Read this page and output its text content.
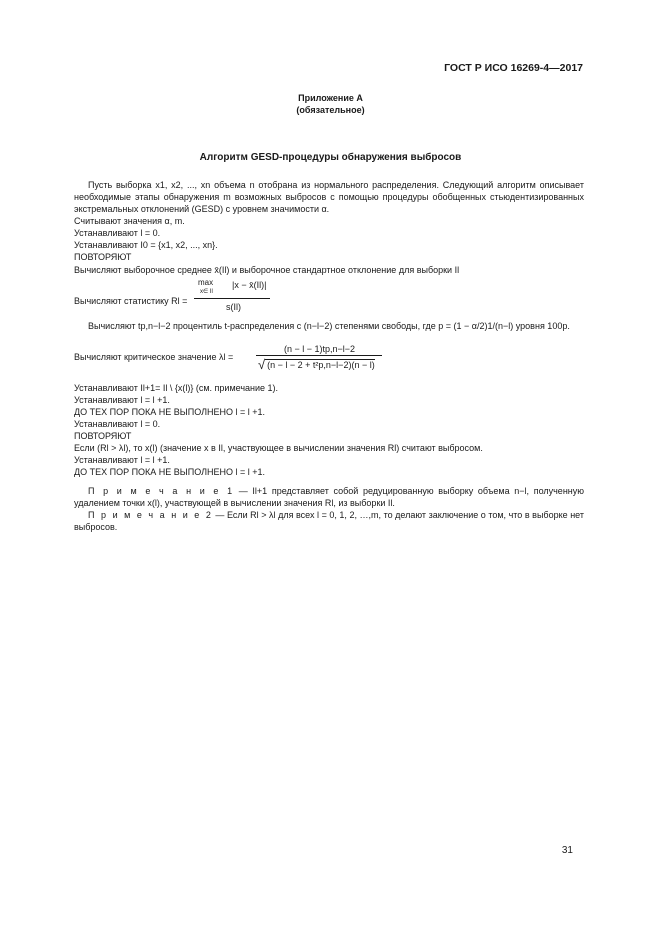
ГОСТ Р ИСО 16269-4—2017
Приложение А
(обязательное)
Алгоритм GESD-процедуры обнаружения выбросов
Пусть выборка x1, x2, ..., xn объема n отобрана из нормального распределения. Следующий алгоритм описывает необходимые этапы обнаружения m возможных выбросов с помощью процедуры обобщенных стьюдентизированных экстремальных отклонений (GESD) с уровнем значимости α.
Считывают значения α, m.
Устанавливают l = 0.
Устанавливают I0 = {x1, x2, ..., xn}.
ПОВТОРЯЮТ
Вычисляют выборочное среднее x̄(Il) и выборочное стандартное отклонение для выборки Il
Вычисляют статистику Rl =
max
x∈ Il
|x − x̄(Il)|
s(Il)
Вычисляют tp,n−l−2 процентиль t-распределения с (n−l−2) степенями свободы, где p = (1 − α/2)1/(n−l) уровня 100p.
Вычисляют критическое значение λl =
(n − l − 1)tp,n−l−2
√ (n − l − 2 + t²p,n−l−2)(n − l)
Устанавливают Il+1= Il \ {x(l)} (см. примечание 1).
Устанавливают l = l +1.
ДО ТЕХ ПОР ПОКА НЕ ВЫПОЛНЕНО l = l +1.
Устанавливают l = 0.
ПОВТОРЯЮТ
Если (Rl > λl), то x(l) (значение x в Il, участвующее в вычислении значения Rl) считают выбросом.
Устанавливают l = l +1.
ДО ТЕХ ПОР ПОКА НЕ ВЫПОЛНЕНО l = l +1.
П р и м е ч а н и е 1 — Il+1 представляет собой редуцированную выборку объема n−l, полученную удалением точки x(l), участвующей в вычислении значения Rl, из выборки Il.
П р и м е ч а н и е 2 — Если Rl > λl для всех l = 0, 1, 2, …,m, то делают заключение о том, что в выборке нет выбросов.
31
